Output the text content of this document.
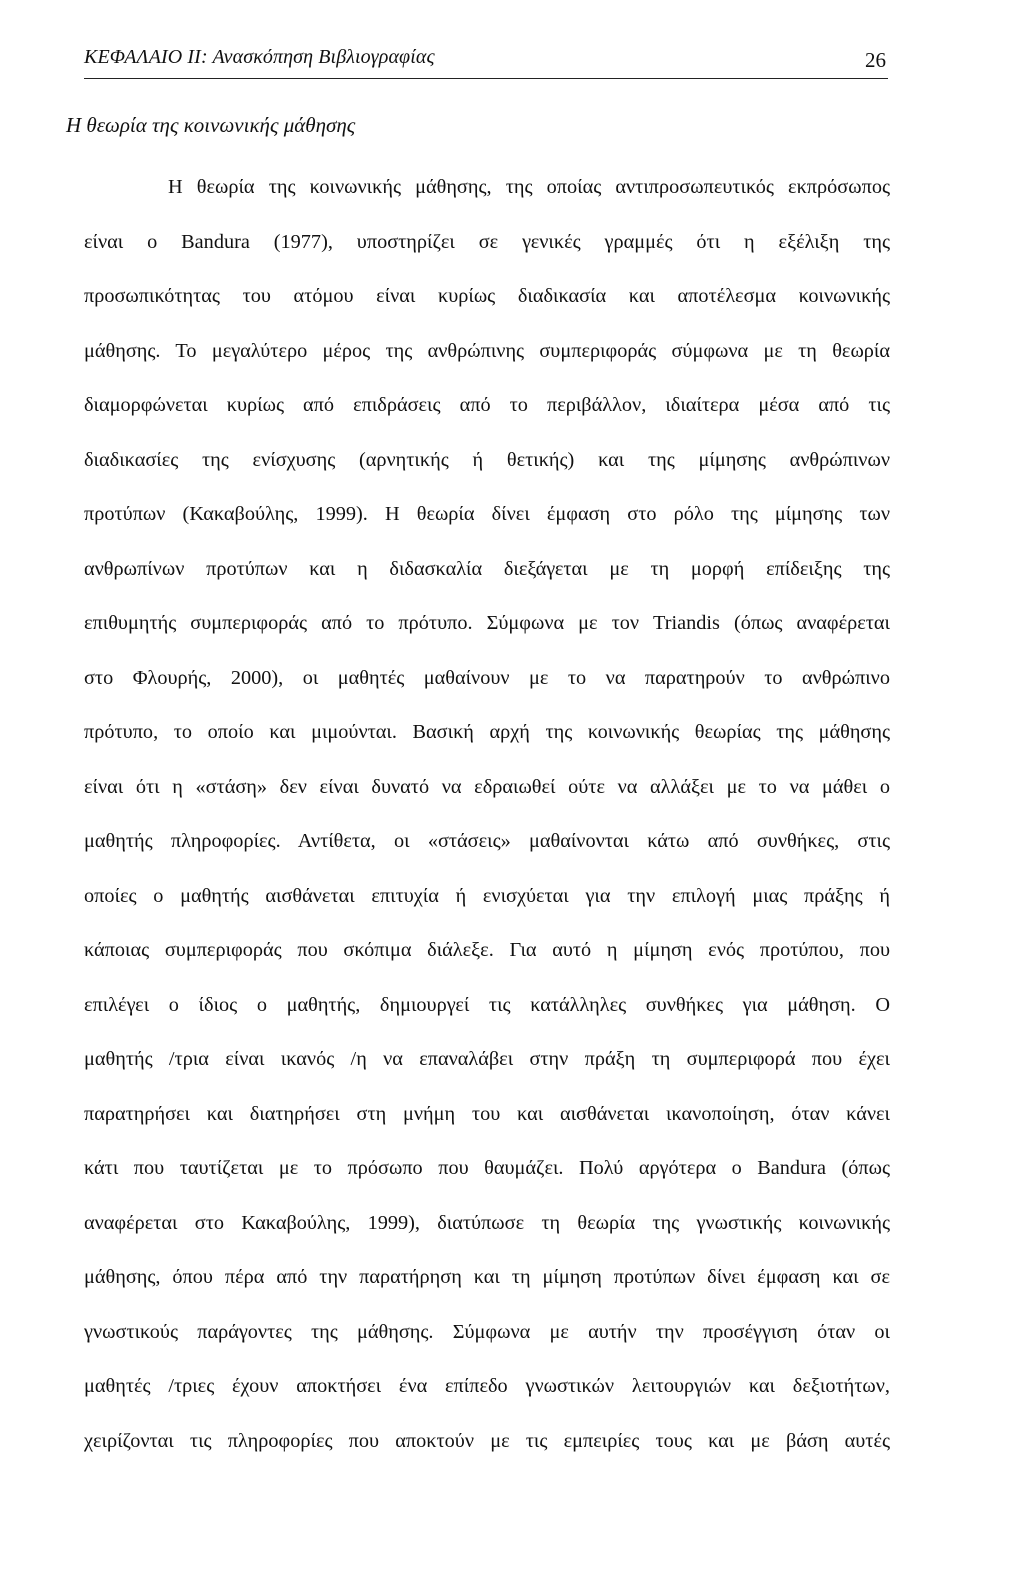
ΚΕΦΑΛΑΙΟ ΙΙ: Ανασκόπηση Βιβλιογραφίας	26
Η θεωρία της κοινωνικής μάθησης
Η θεωρία της κοινωνικής μάθησης, της οποίας αντιπροσωπευτικός εκπρόσωπος
είναι ο Bandura (1977), υποστηρίζει σε γενικές γραμμές ότι η εξέλιξη της
προσωπικότητας του ατόμου είναι κυρίως διαδικασία και αποτέλεσμα κοινωνικής
μάθησης. Το μεγαλύτερο μέρος της ανθρώπινης συμπεριφοράς σύμφωνα με τη θεωρία
διαμορφώνεται κυρίως από επιδράσεις από το περιβάλλον, ιδιαίτερα μέσα από τις
διαδικασίες της ενίσχυσης (αρνητικής ή θετικής) και της μίμησης ανθρώπινων
προτύπων (Κακαβούλης, 1999). Η θεωρία δίνει έμφαση στο ρόλο της μίμησης των
ανθρωπίνων προτύπων και η διδασκαλία διεξάγεται με τη μορφή επίδειξης της
επιθυμητής συμπεριφοράς από το πρότυπο. Σύμφωνα με τον Triandis (όπως αναφέρεται
στο Φλουρής, 2000), οι μαθητές μαθαίνουν με το να παρατηρούν το ανθρώπινο
πρότυπο, το οποίο και μιμούνται. Βασική αρχή της κοινωνικής θεωρίας της μάθησης
είναι ότι η «στάση» δεν είναι δυνατό να εδραιωθεί ούτε να αλλάξει με το να μάθει ο
μαθητής πληροφορίες. Αντίθετα, οι «στάσεις» μαθαίνονται κάτω από συνθήκες, στις
οποίες ο μαθητής αισθάνεται επιτυχία ή ενισχύεται για την επιλογή μιας πράξης ή
κάποιας συμπεριφοράς που σκόπιμα διάλεξε. Για αυτό η μίμηση ενός προτύπου, που
επιλέγει ο ίδιος ο μαθητής, δημιουργεί τις κατάλληλες συνθήκες για μάθηση. Ο
μαθητής /τρια είναι ικανός /η να επαναλάβει στην πράξη τη συμπεριφορά που έχει
παρατηρήσει και διατηρήσει στη μνήμη του και αισθάνεται ικανοποίηση, όταν κάνει
κάτι που ταυτίζεται με το πρόσωπο που θαυμάζει. Πολύ αργότερα ο Bandura (όπως
αναφέρεται στο Κακαβούλης, 1999), διατύπωσε τη θεωρία της γνωστικής κοινωνικής
μάθησης, όπου πέρα από την παρατήρηση και τη μίμηση προτύπων δίνει έμφαση και σε
γνωστικούς παράγοντες της μάθησης. Σύμφωνα με αυτήν την προσέγγιση όταν οι
μαθητές /τριες έχουν αποκτήσει ένα επίπεδο γνωστικών λειτουργιών και δεξιοτήτων,
χειρίζονται τις πληροφορίες που αποκτούν με τις εμπειρίες τους και με βάση αυτές
